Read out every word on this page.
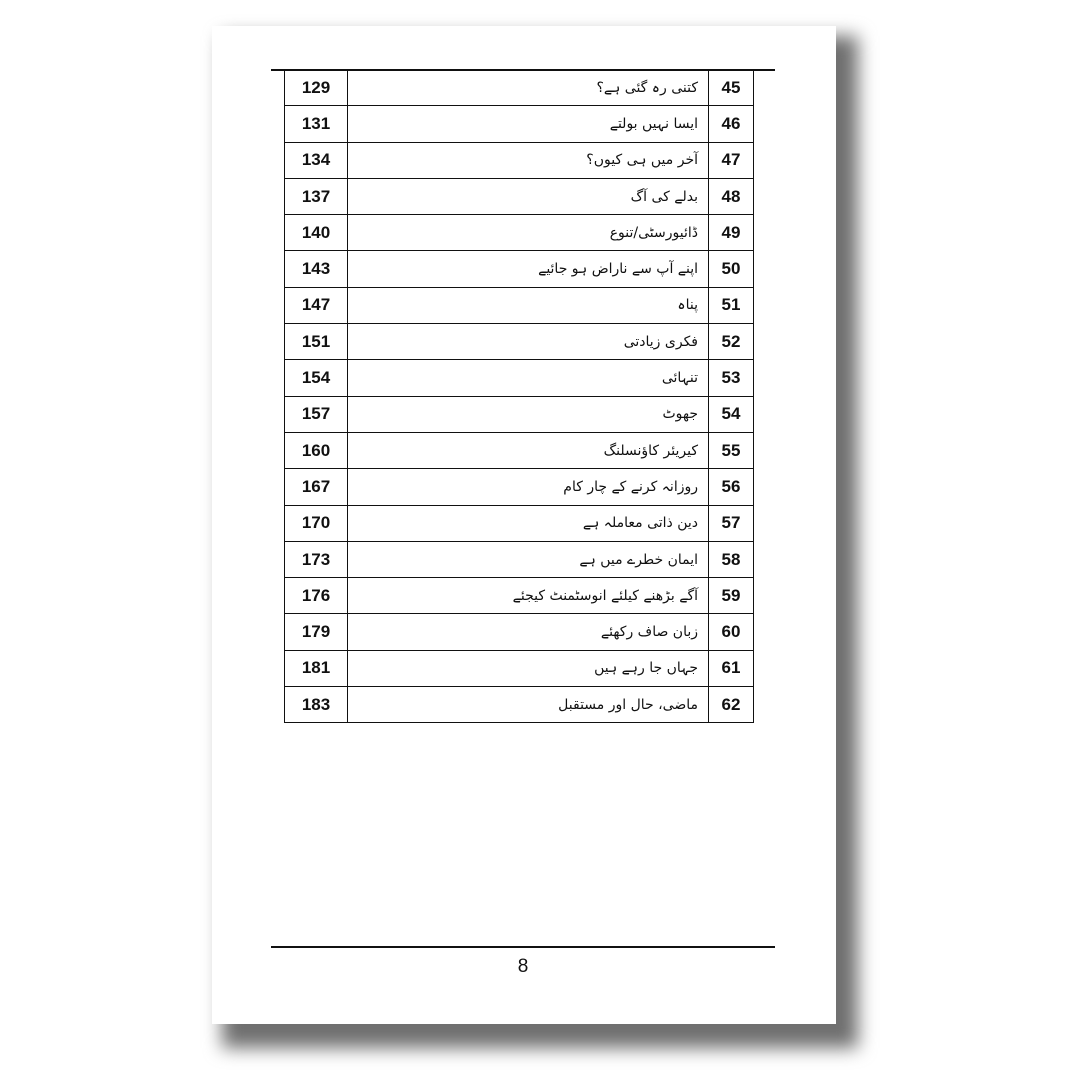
129	کتنی رہ گئی ہے؟	45
131	ایسا نہیں بولتے	46
134	آخر میں ہی کیوں؟	47
137	بدلے کی آگ	48
140	ڈائیورسٹی/تنوع	49
143	اپنے آپ سے ناراض ہو جائیے	50
147	پناہ	51
151	فکری زیادتی	52
154	تنہائی	53
157	جھوٹ	54
160	کیریئر کاؤنسلنگ	55
167	روزانہ کرنے کے چار کام	56
170	دین ذاتی معاملہ ہے	57
173	ایمان خطرے میں ہے	58
176	آگے بڑھنے کیلئے انوسٹمنٹ کیجئے	59
179	زبان صاف رکھئے	60
181	جہاں جا رہے ہیں	61
183	ماضی، حال اور مستقبل	62
8
